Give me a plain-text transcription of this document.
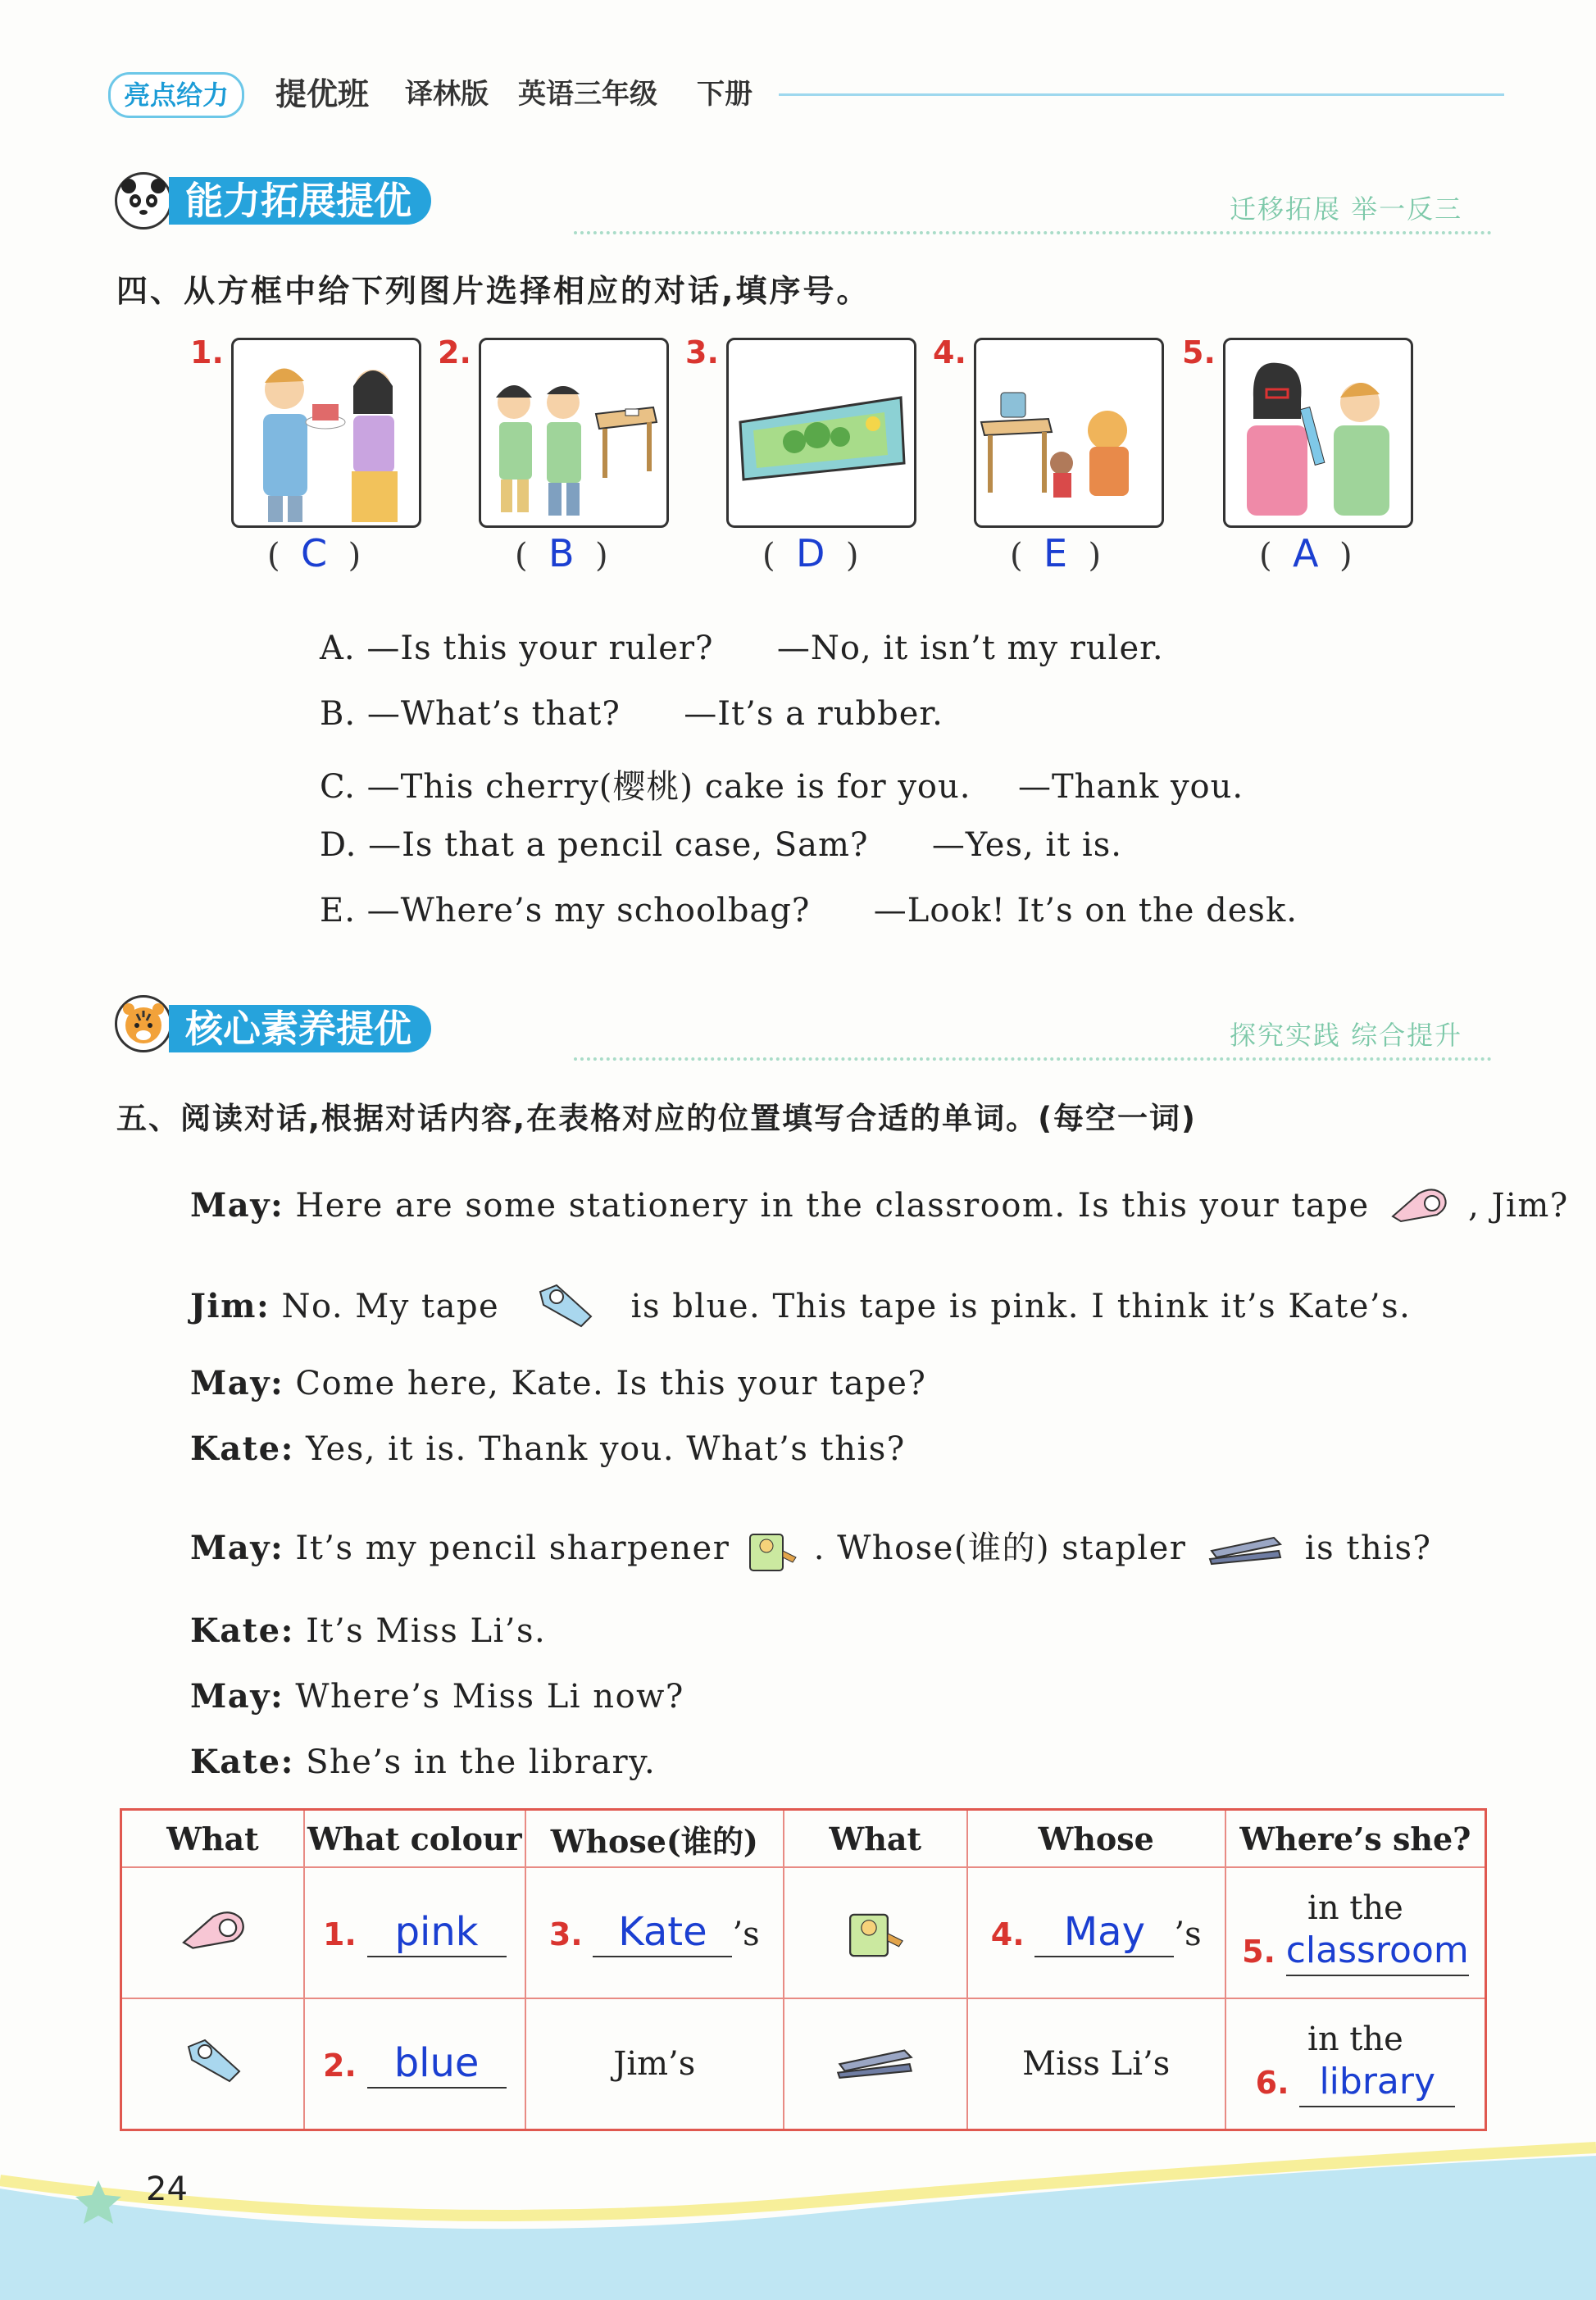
亮点给力	提优班 译林版 英语三年级 下册
能力拓展提优	迁移拓展 举一反三
四、从方框中给下列图片选择相应的对话,填序号。
1.	2.	3.	4.	5.
(  C  )	(  B  )	(  D  )	(  E  )	(  A  )
A. —Is this your ruler? —No, it isn’t my ruler.
B. —What’s that? —It’s a rubber.
C. —This cherry(樱桃) cake is for you. —Thank you.
D. —Is that a pencil case, Sam? —Yes, it is.
E. —Where’s my schoolbag? —Look! It’s on the desk.
核心素养提优	探究实践 综合提升
五、阅读对话,根据对话内容,在表格对应的位置填写合适的单词。(每空一词)
May: Here are some stationery in the classroom. Is this your tape	, Jim?
Jim: No. My tape	is blue. This tape is pink. I think it’s Kate’s.
May: Come here, Kate. Is this your tape?
Kate: Yes, it is. Thank you. What’s this?
May: It’s my pencil sharpener	. Whose(谁的) stapler	is this?
Kate: It’s Miss Li’s.
May: Where’s Miss Li now?
Kate: She’s in the library.
What	What colour	Whose(谁的)	What	Whose	Where’s she?
	1. pink	3. Kate ’s		4. May ’s	in the
5. classroom
	2. blue	Jim’s		Miss Li’s	in the
6. library
24
